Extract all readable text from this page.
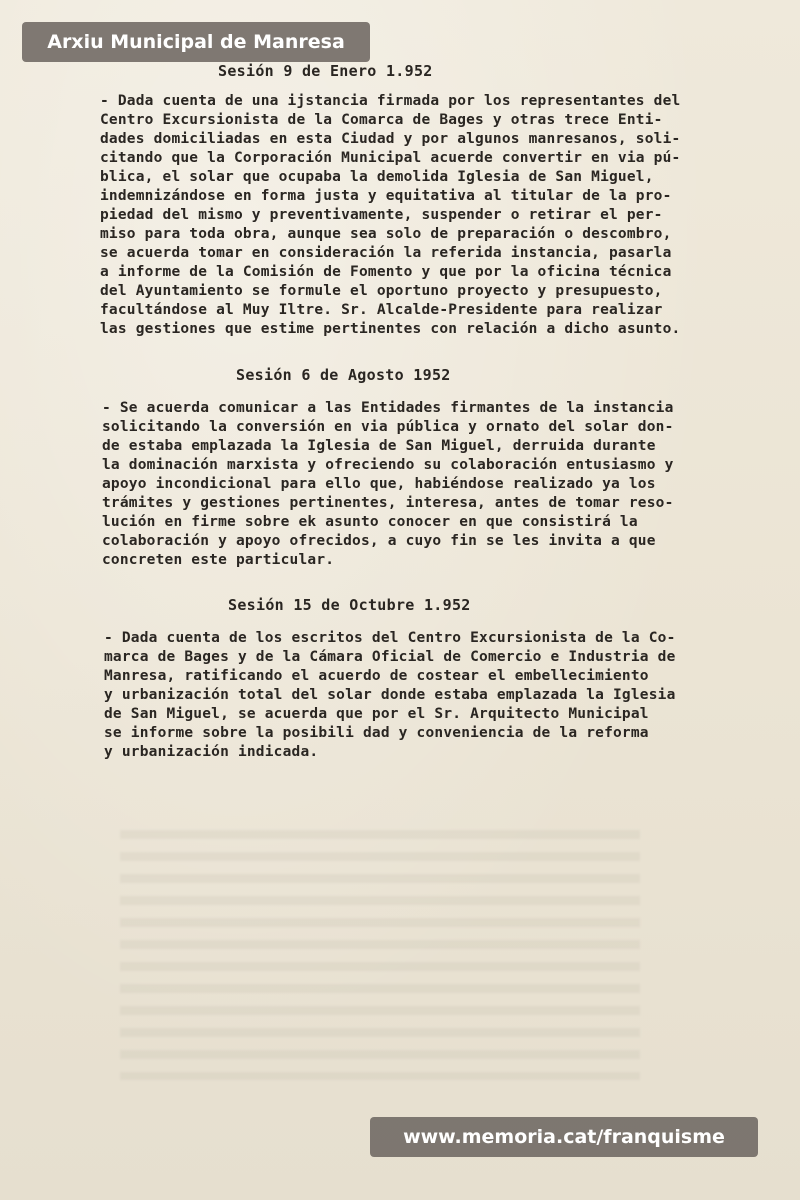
Arxiu Municipal de Manresa
Sesión 9 de Enero 1.952
- Dada cuenta de una ijstancia firmada por los representantes del
Centro Excursionista de la Comarca de Bages y otras trece Enti-
dades domiciliadas en esta Ciudad y por algunos manresanos, soli-
citando que la Corporación Municipal acuerde convertir en via pú-
blica, el solar que ocupaba la demolida Iglesia de San Miguel,
indemnizándose en forma justa y equitativa al titular de la pro-
piedad del mismo y preventivamente, suspender o retirar el per-
miso para toda obra, aunque sea solo de preparación o descombro,
se acuerda tomar en consideración la referida instancia, pasarla
a informe de la Comisión de Fomento y que por la oficina técnica
del Ayuntamiento se formule el oportuno proyecto y presupuesto,
facultándose al Muy Iltre. Sr. Alcalde-Presidente para realizar
las gestiones que estime pertinentes con relación a dicho asunto.
Sesión 6 de Agosto 1952
- Se acuerda comunicar a las Entidades firmantes de la instancia
solicitando la conversión en via pública y ornato del solar don-
de estaba emplazada la Iglesia de San Miguel, derruida durante
la dominación marxista y ofreciendo su colaboración entusiasmo y
apoyo incondicional para ello que, habiéndose realizado ya los
trámites y gestiones pertinentes, interesa, antes de tomar reso-
lución en firme sobre ek asunto conocer en que consistirá la
colaboración y apoyo ofrecidos, a cuyo fin se les invita a que
concreten este particular.
Sesión 15 de Octubre 1.952
- Dada cuenta de los escritos del Centro Excursionista de la Co-
marca de Bages y de la Cámara Oficial de Comercio e Industria de
Manresa, ratificando el acuerdo de costear el embellecimiento
y urbanización total del solar donde estaba emplazada la Iglesia
de San Miguel, se acuerda que por el Sr. Arquitecto Municipal
se informe sobre la posibili dad y conveniencia de la reforma
y urbanización indicada.
www.memoria.cat/franquisme
